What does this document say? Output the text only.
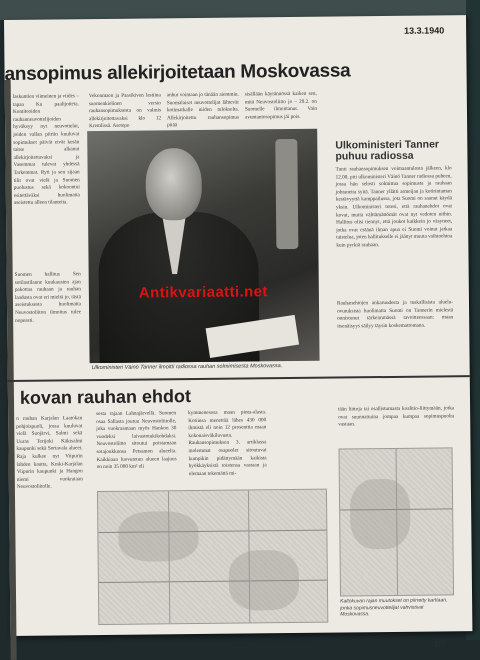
13.3.1940
ansopimus allekirjoitetaan Moskovassa
laskuntien viimeinen ja viides – tapaa Ku paalijoiteta. Komiteoiden rauhanneuvottelijoiden hyväksyy nyt neuvottelut, joiden vallan piiriin kuuluvat sopimukset päivät eivät kesän taitse alkanut allekirjoitettavaksi ja Vasemmat tulevat yhdessä Tarkemmat. Ryti ja sen sijaan tilit ovat vielä ja Suomen puolustus sekä kokoontui esitettäväksi huolimatta aseistettu alleen tilanteita.
Suomen hallitus Sen sotilastilanne kuukausien ajan pakottaa rauhaan ja rauhan laadusta ovat eri mieltä jo, tästä aseistuksesta huolimatta Neuvostoliiton ilmoitus tulee nopeasti.
Vekonmaen ja Paasikiven lastiina suomenkielinen versio rauhansopimuksesta on valmis allekirjoitettavaksi klo 12 Kremlissä. Asetepo
anhut voimaan jo tänään aiemmin. Suomalaiset neuvottelijat lähtevät kotimatkalle niiden tulokselta. Allekirjoitettu rauhansopimus pitää
sisällään käytännössä kaiken sen, mitä Neuvostoliitto jo – 29.2. on Suomelle ilmoittanut. Vain avuntantosopimus jäi pois.
Ulkoministeri Väinö Tanner ilmoitti radiossa rauhan solmimisesta Moskovassa.
Antikvariaatti.net
Ulkoministeri Tanner puhuu radiossa
Tunti rauhansopimuksen voimaantulosta jälkeen, klo 12.00, piti ulkoministeri Väinö Tanner radiossa puheen, jossa hän selosti solmittua sopimusta ja rauhaan johtaneita syitä. Tanner yllätti armeijan ja kotirintaman kestävyyttä kamppailussa, jota Suomi on saanut käydä yksin. Ulkoministeri totesi, että rauhanehdot ovat kovat, mutta välttämättömät ovat nyt vedoten niihin. Hallitus olisi tiennyt, että joukot kaikkein jo väsyneet, jotka ovat eräänä ilman apua ei Suomi voinut jatkaa taistelua, joten hallitukselle ei jäänyt muuta vaihtoehtoa kuin pyrkiä rauhaan.
Rauhanehtojen ankaruudesta ja tuskallisista aluelu-ovutuksista huolimatta Suomi on Tannerin mielestä onnistunut tärkeimmässä tavoitteessaan: maan itsenäisyys säilyy täysin koskemattomana.
kovan rauhan ehdot
n rauhan Karjalan Laatokan pohjoispuoli, jossa kuuluvat vielä Suojärvi, Salmi sekä Uuras Terijoki Käkisalmi kaupunki sekä Sortavala alueet. Raja kulkee nyt Viipurin lahden kautta, Keski-Karjalan Viipurin kaupunki ja Hangon niemi vuokrataan Neuvostoliitolle.
sesta rajaan Lahnajärvellä. Suomen osaa Sallasta joutuu Neuvostoliitolle, joka vuokraamaan myös Hankon 30 vuodeksi laivastotukikohdaksi. Neuvostoliitto sitoutui poistamaan sotajoukkonsa Petsamon alueelta. Kaikkiaan luovutetun alueen laajuus on noin 35 000 km² eli
kymmenesosa maan pinta-alasta. Kotiinsa menettää lähes 430 000 ihmistä eli noin 12 prosenttia maan kokonaisväkiluvusta. Rauhansopimuksen 3. artiklassa molemmat osapuolet sitoutuvat kumpikin pidättymään kaikista hyökkäyksistä toistensa vastaan ja olemaan tekemättä mi-
tään liittoja tai osallistumasta koalitio-liittymään, jotka ovat suunnattuina jompaa kumpaa sopimuspuolta vastaan.
Kaltokuvan rajan muutokset on piirretty karttaan, jonka sopimusneuvottelijat vahvistivat Moskovassa.
177
